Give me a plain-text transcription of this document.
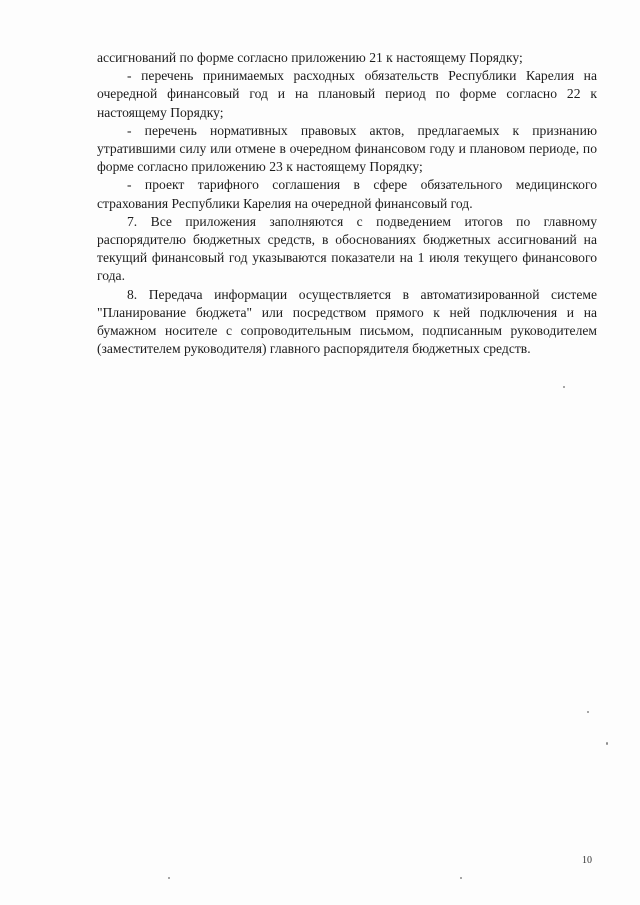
ассигнований по форме согласно приложению 21 к настоящему Порядку;

- перечень принимаемых расходных обязательств Республики Карелия на очередной финансовый год и на плановый период по форме согласно 22 к настоящему Порядку;

- перечень нормативных правовых актов, предлагаемых к признанию утратившими силу или отмене в очередном финансовом году и плановом периоде, по форме согласно приложению 23 к настоящему Порядку;

- проект тарифного соглашения в сфере обязательного медицинского страхования Республики Карелия на очередной финансовый год.

7. Все приложения заполняются с подведением итогов по главному распорядителю бюджетных средств, в обоснованиях бюджетных ассигнований на текущий финансовый год указываются показатели на 1 июля текущего финансового года.

8. Передача информации осуществляется в автоматизированной системе "Планирование бюджета" или посредством прямого к ней подключения и на бумажном носителе с сопроводительным письмом, подписанным руководителем (заместителем руководителя) главного распорядителя бюджетных средств.

10
